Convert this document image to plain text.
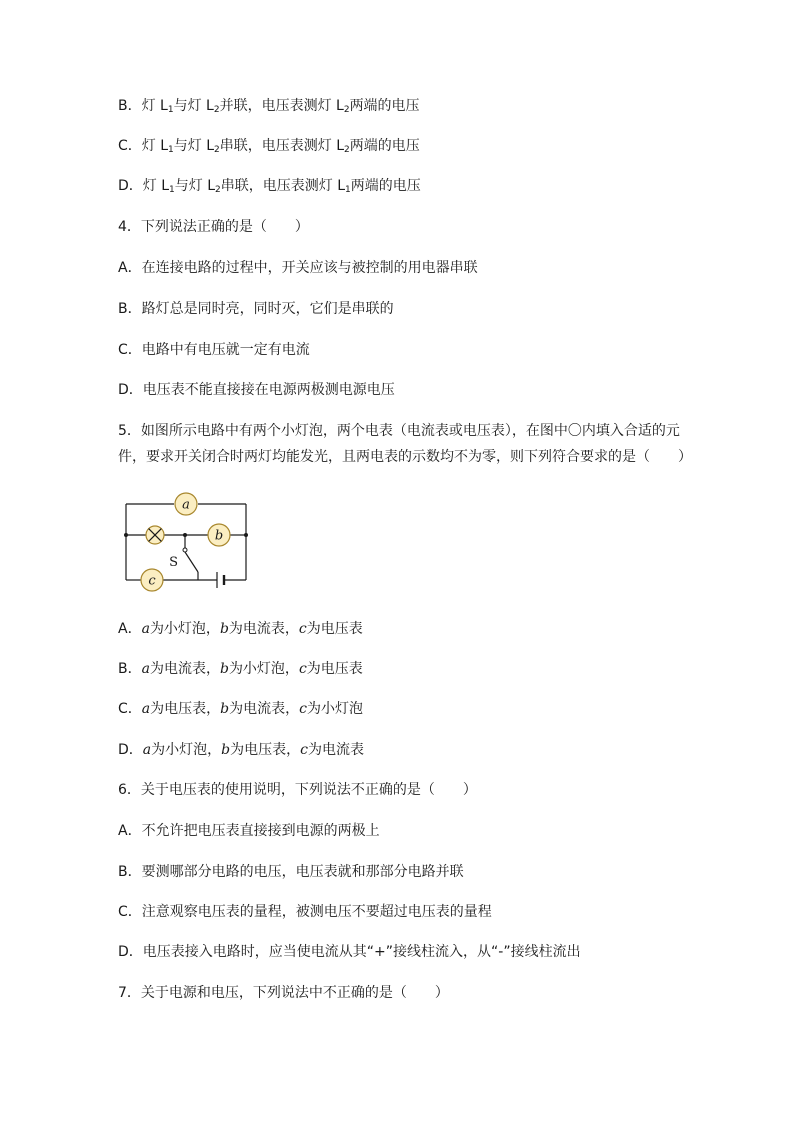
B．灯 $L_1$与灯 $L_2$并联，电压表测灯 $L_2$两端的电压
C．灯 $L_1$与灯 $L_2$串联，电压表测灯 $L_2$两端的电压
D．灯 $L_1$与灯 $L_2$串联，电压表测灯 $L_1$两端的电压
4．下列说法正确的是（　　）
A．在连接电路的过程中，开关应该与被控制的用电器串联
B．路灯总是同时亮，同时灭，它们是串联的
C．电路中有电压就一定有电流
D．电压表不能直接接在电源两极测电源电压
5．如图所示电路中有两个小灯泡，两个电表（电流表或电压表），在图中〇内填入合适的元
件，要求开关闭合时两灯均能发光，且两电表的示数均不为零，则下列符合要求的是（　　）
a
b
c
S
A．a为小灯泡，b为电流表，c为电压表
B．a为电流表，b为小灯泡，c为电压表
C．a为电压表，b为电流表，c为小灯泡
D．a为小灯泡，b为电压表，c为电流表
6．关于电压表的使用说明，下列说法不正确的是（　　）
A．不允许把电压表直接接到电源的两极上
B．要测哪部分电路的电压，电压表就和那部分电路并联
C．注意观察电压表的量程，被测电压不要超过电压表的量程
D．电压表接入电路时，应当使电流从其“+”接线柱流入，从“-”接线柱流出
7．关于电源和电压，下列说法中不正确的是（　　）
